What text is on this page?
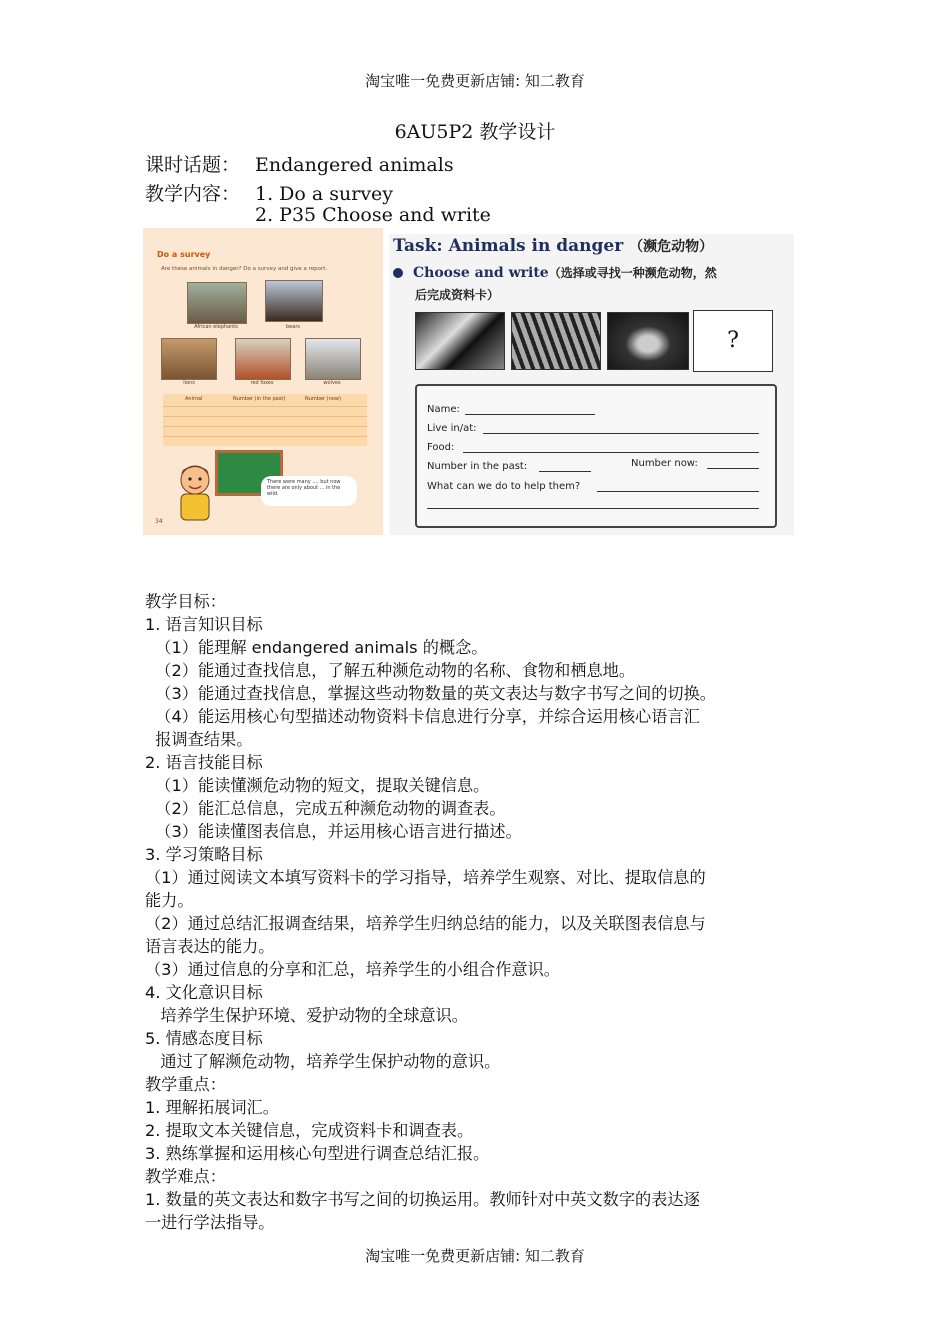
淘宝唯一免费更新店铺: 知二教育
6AU5P2 教学设计
课时话题： Endangered animals
教学内容： 1. Do a survey
2. P35 Choose and write
Do a survey
Are these animals in danger? Do a survey and give a report.
African elephants	bears
lions	red foxes	wolves
Animal	Number (in the past)	Number (now)
There were many ..., but now there are only about ... in the wild.
34
Task: Animals in danger （濒危动物）
Choose and write（选择或寻找一种濒危动物，然
后完成资料卡）
?
Name:
Live in/at:
Food:
Number in the past:	Number now:
What can we do to help them?
教学目标：
1. 语言知识目标
（1）能理解 endangered animals 的概念。
（2）能通过查找信息，了解五种濒危动物的名称、食物和栖息地。
（3）能通过查找信息，掌握这些动物数量的英文表达与数字书写之间的切换。
（4）能运用核心句型描述动物资料卡信息进行分享，并综合运用核心语言汇
报调查结果。
2. 语言技能目标
（1）能读懂濒危动物的短文，提取关键信息。
（2）能汇总信息，完成五种濒危动物的调查表。
（3）能读懂图表信息，并运用核心语言进行描述。
3. 学习策略目标
（1）通过阅读文本填写资料卡的学习指导，培养学生观察、对比、提取信息的
能力。
（2）通过总结汇报调查结果，培养学生归纳总结的能力，以及关联图表信息与
语言表达的能力。
（3）通过信息的分享和汇总，培养学生的小组合作意识。
4. 文化意识目标
培养学生保护环境、爱护动物的全球意识。
5. 情感态度目标
通过了解濒危动物，培养学生保护动物的意识。
教学重点：
1. 理解拓展词汇。
2. 提取文本关键信息，完成资料卡和调查表。
3. 熟练掌握和运用核心句型进行调查总结汇报。
教学难点：
1. 数量的英文表达和数字书写之间的切换运用。教师针对中英文数字的表达逐
一进行学法指导。
淘宝唯一免费更新店铺: 知二教育
